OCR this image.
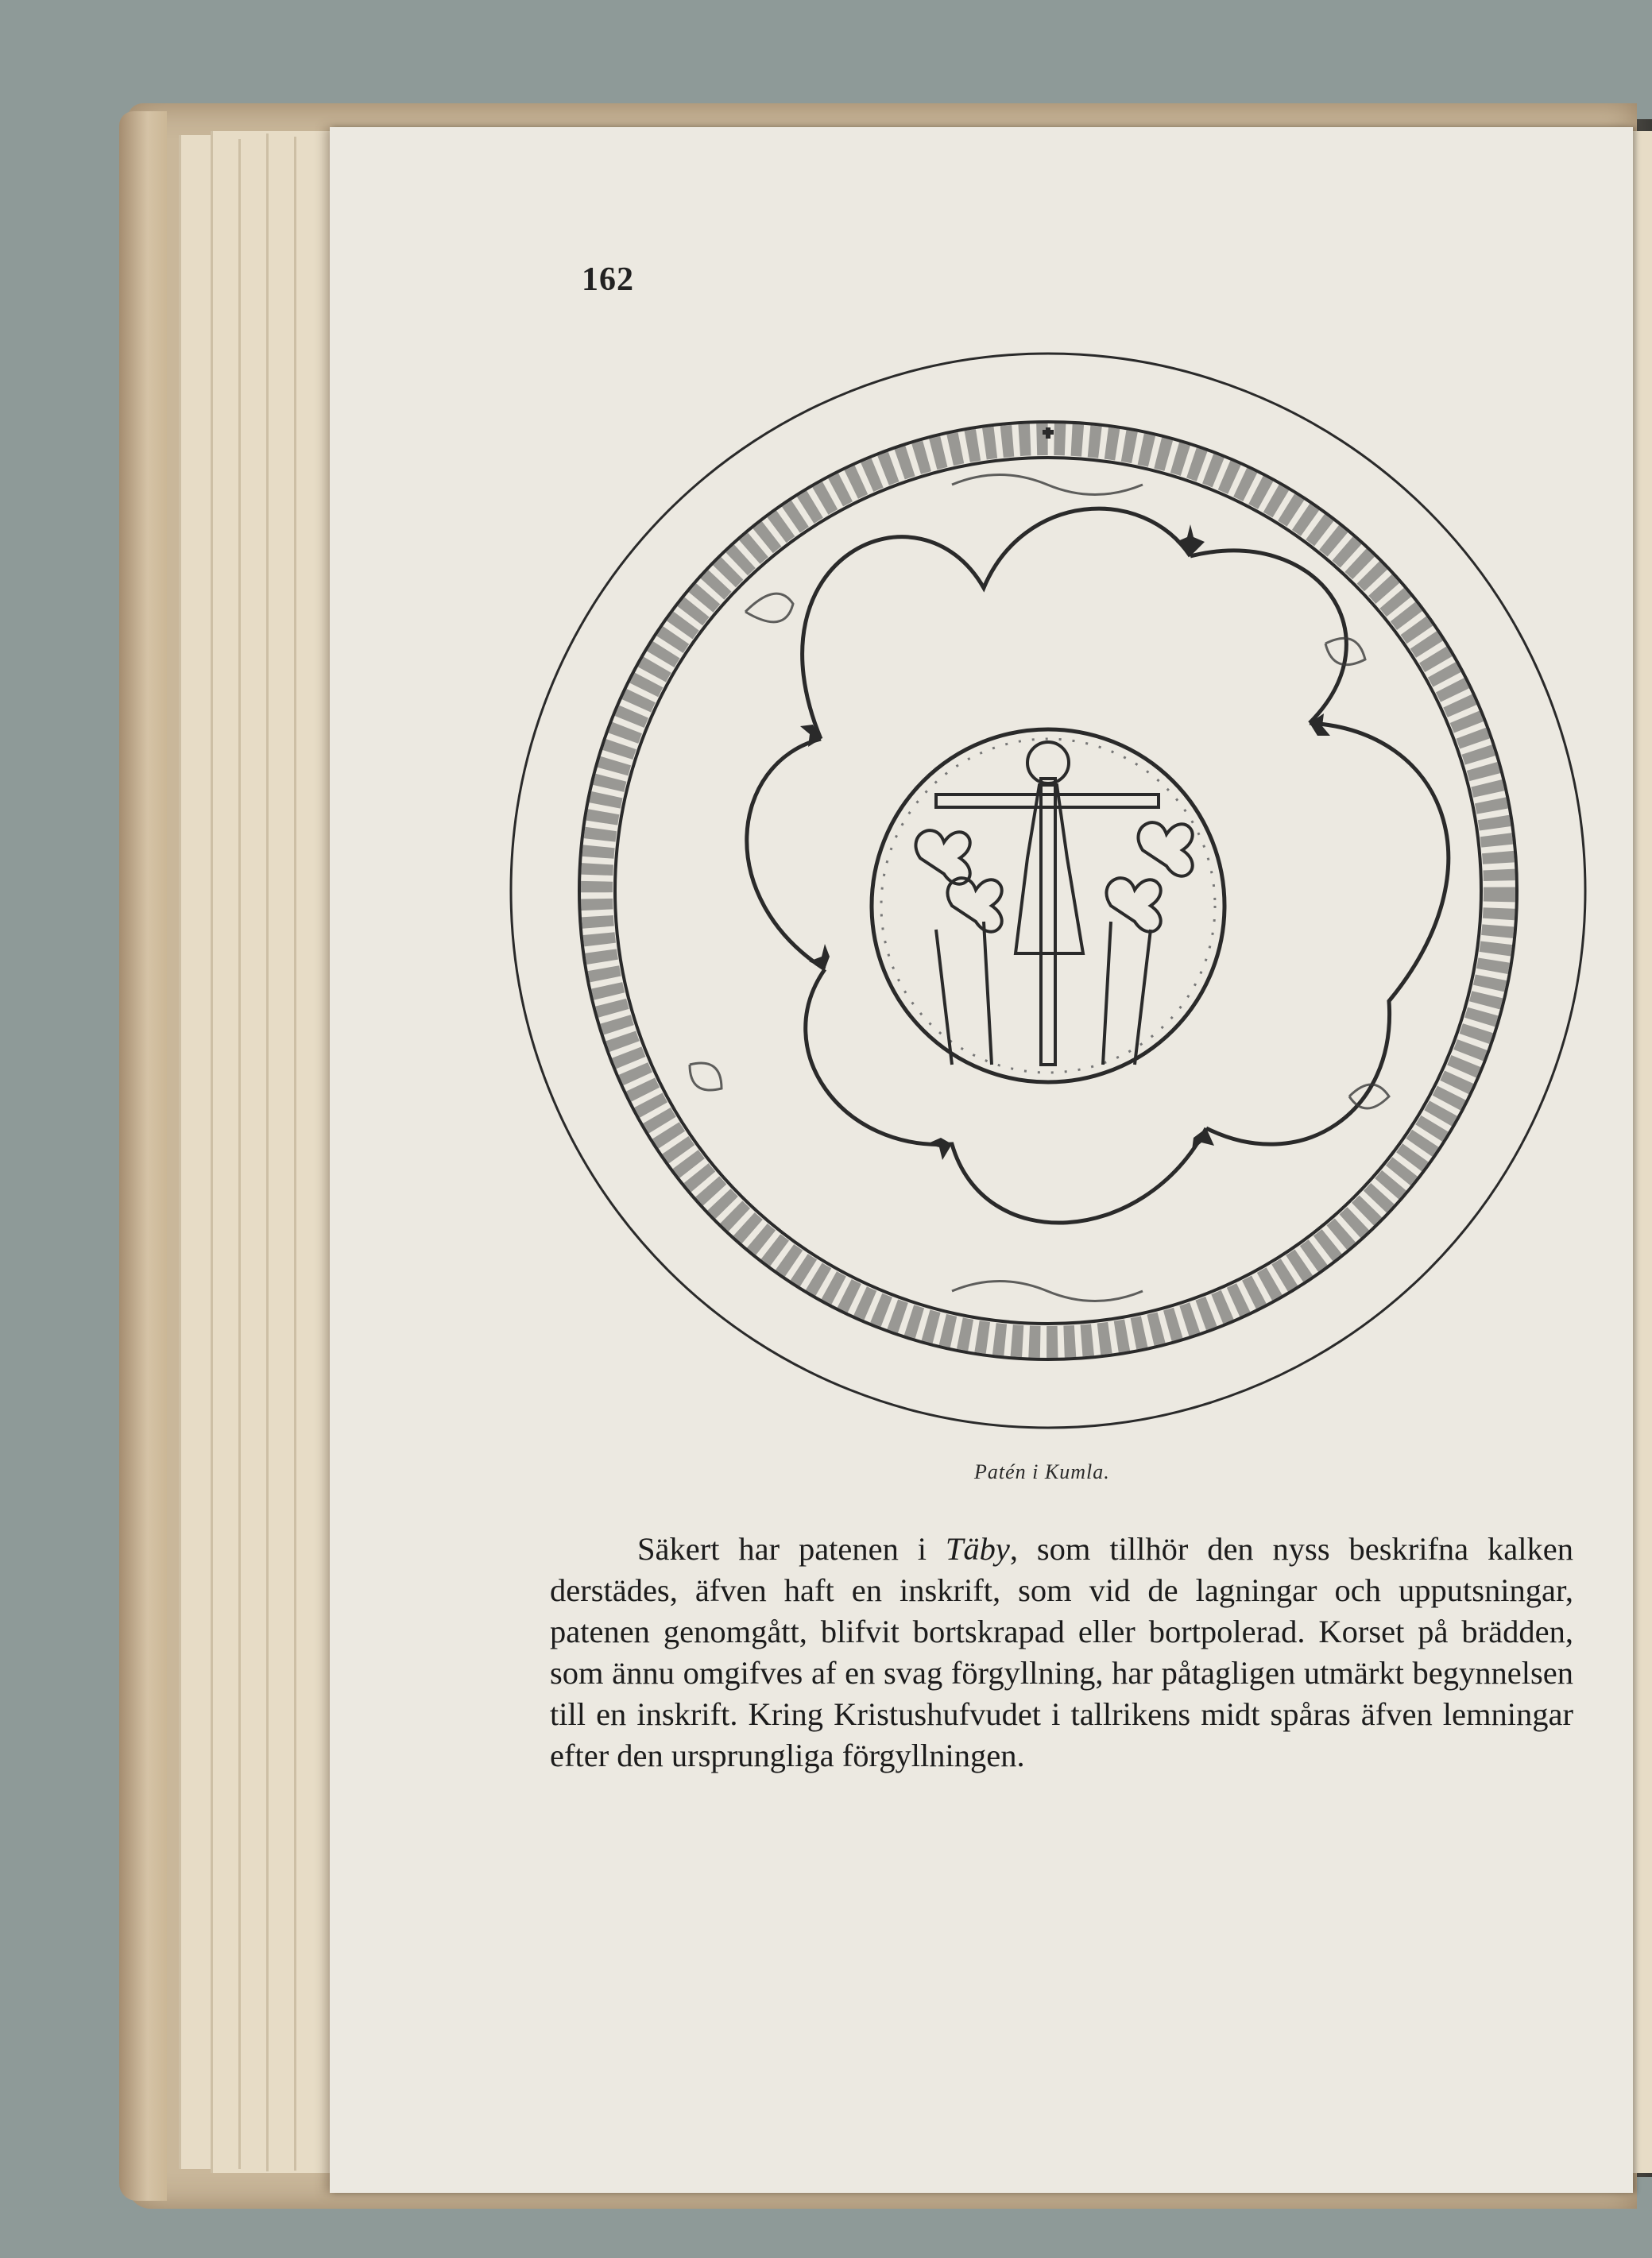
162
Patén i Kumla.

Säkert har patenen i Täby, som tillhör den nyss beskrifna kalken derstädes, äfven haft en inskrift, som vid de lagningar och upputsningar, patenen genomgått, blifvit bortskrapad eller bortpolerad. Korset på brädden, som ännu omgifves af en svag förgyllning, har påtagligen utmärkt begynnelsen till en inskrift. Kring Kristushufvudet i tallrikens midt spåras äfven lemningar efter den ursprungliga förgyllningen.
